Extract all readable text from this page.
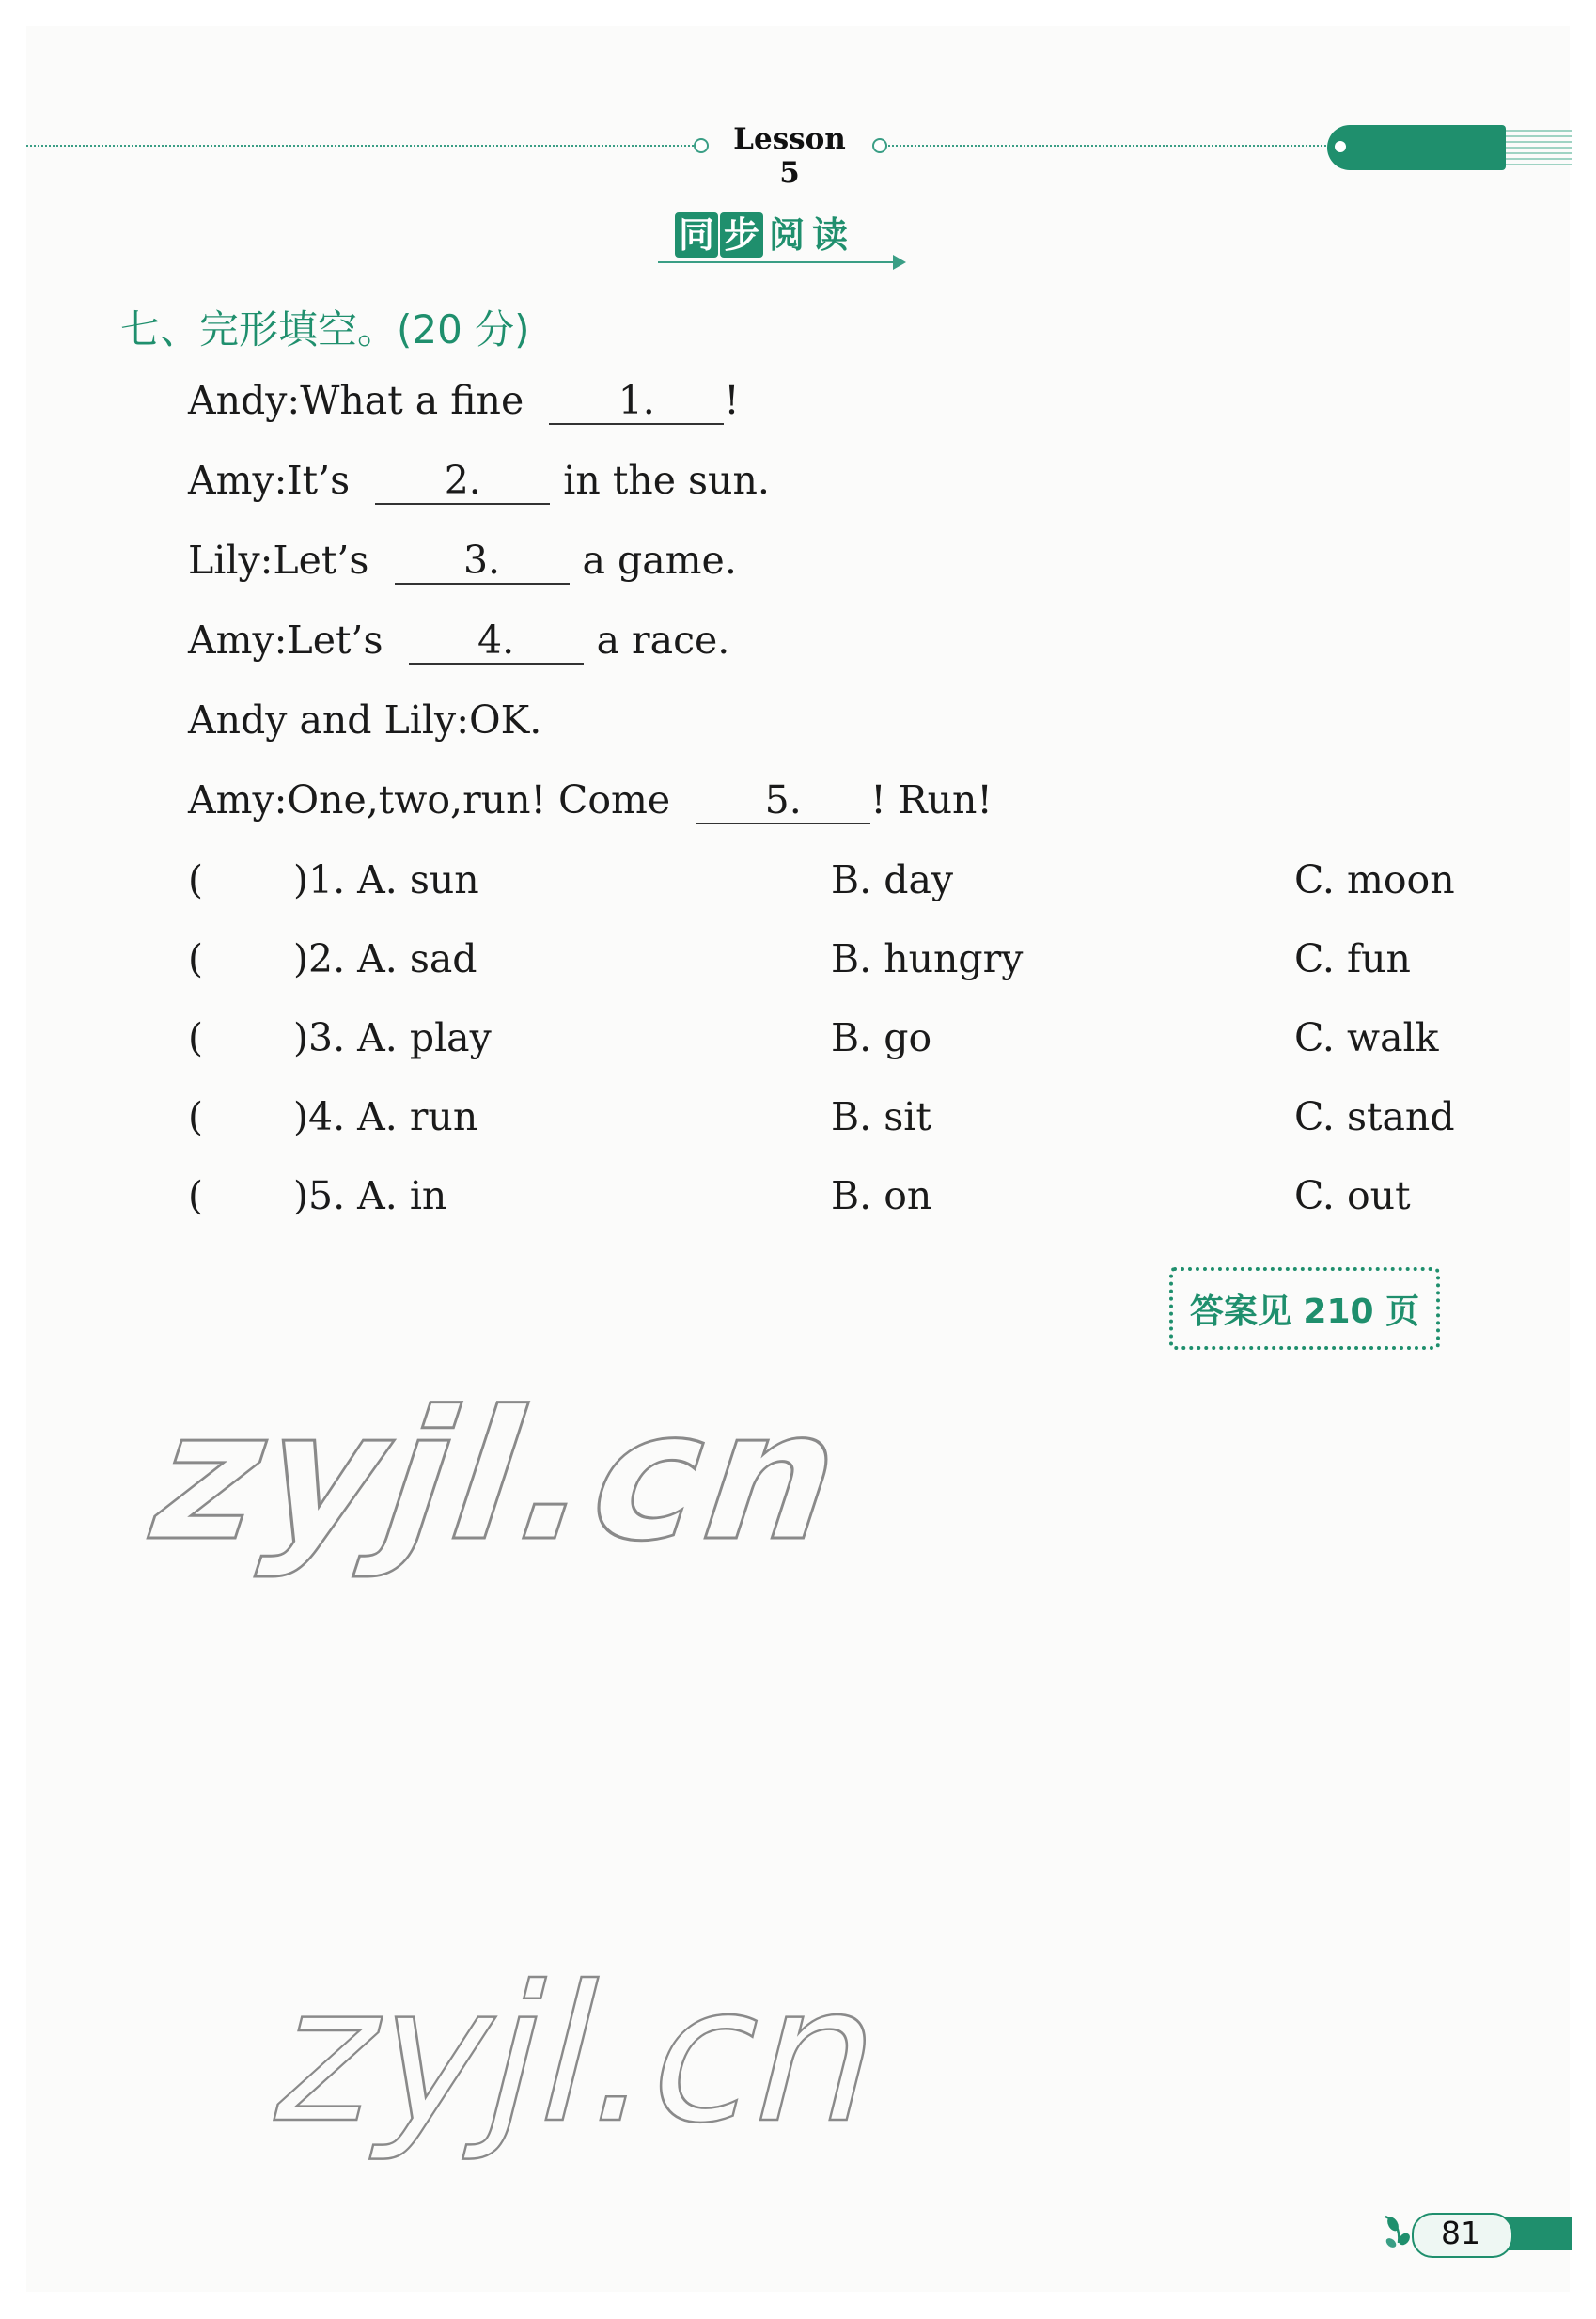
Lesson 5
同 步 阅 读
七、完形填空。(20 分)
Andy:What a fine 1. !
Amy:It’s 2. in the sun.
Lily:Let’s 3. a game.
Amy:Let’s 4. a race.
Andy and Lily:OK.
Amy:One,two,run! Come 5. ! Run!
( )1. A. sun	B. day	C. moon
( )2. A. sad	B. hungry	C. fun
( )3. A. play	B. go	C. walk
( )4. A. run	B. sit	C. stand
( )5. A. in	B. on	C. out
答案见 210 页
zyjl.cn
zyjl.cn
81
